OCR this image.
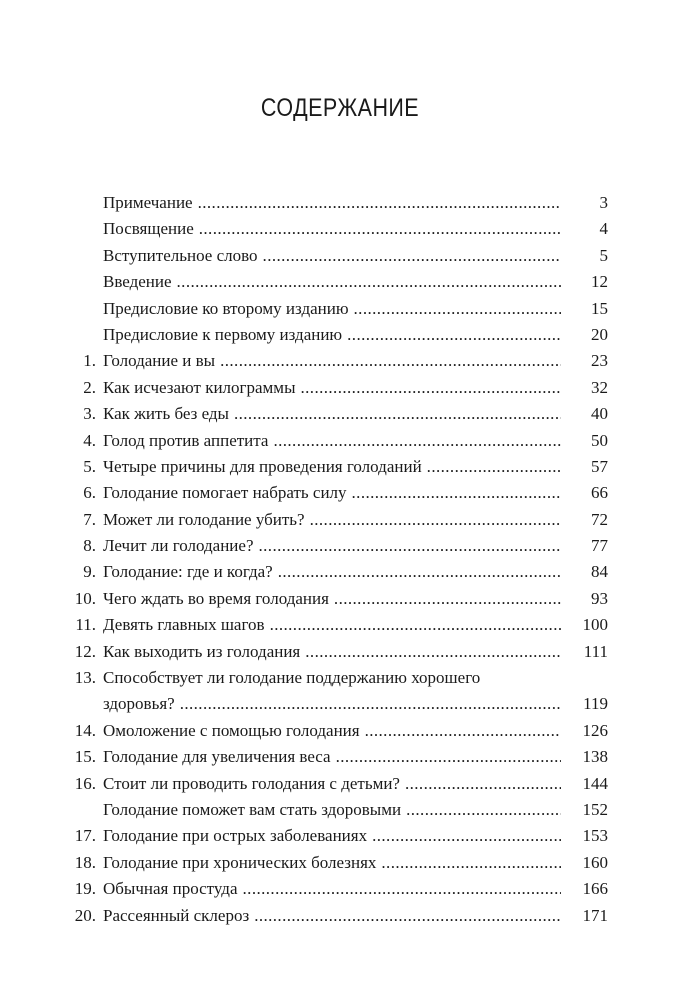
СОДЕРЖАНИЕ
Примечание .....	3
Посвящение .....	4
Вступительное слово .....	5
Введение .....	12
Предисловие ко второму изданию .....	15
Предисловие к первому изданию .....	20
1. Голодание и вы .....	23
2. Как исчезают килограммы .....	32
3. Как жить без еды .....	40
4. Голод против аппетита .....	50
5. Четыре причины для проведения голоданий .....	57
6. Голодание помогает набрать силу .....	66
7. Может ли голодание убить? .....	72
8. Лечит ли голодание? .....	77
9. Голодание: где и когда? .....	84
10. Чего ждать во время голодания .....	93
11. Девять главных шагов .....	100
12. Как выходить из голодания .....	111
13. Способствует ли голодание поддержанию хорошего
здоровья? .....	119
14. Омоложение с помощью голодания .....	126
15. Голодание для увеличения веса .....	138
16. Стоит ли проводить голодания с детьми? .....	144
Голодание поможет вам стать здоровыми .....	152
17. Голодание при острых заболеваниях .....	153
18. Голодание при хронических болезнях .....	160
19. Обычная простуда .....	166
20. Рассеянный склероз .....	171
